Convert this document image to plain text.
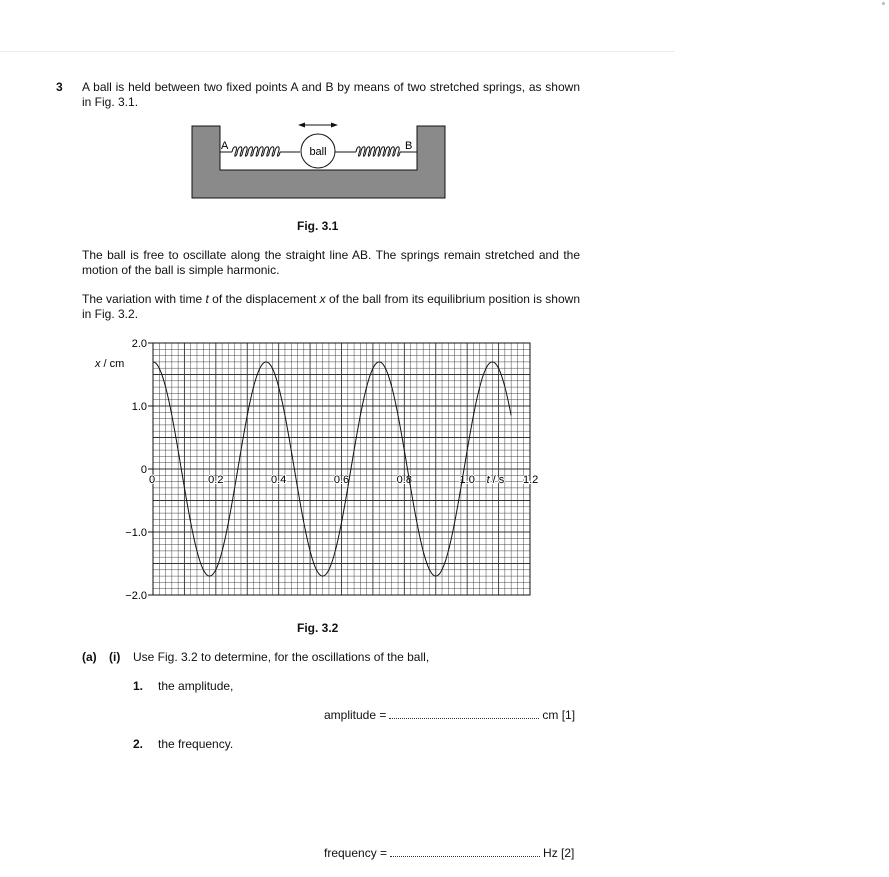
3 A ball is held between two fixed points A and B by means of two stretched springs, as shown in Fig. 3.1.
ball
A	B
Fig. 3.1
The ball is free to oscillate along the straight line AB. The springs remain stretched and the motion of the ball is simple harmonic.
The variation with time t of the displacement x of the ball from its equilibrium position is shown in Fig. 3.2.
2.0
1.0
0
−1.0
−2.0
0	0.2	0.4	0.6	0.8	1.0	1.2
t / s
x / cm
Fig. 3.2
(a) (i) Use Fig. 3.2 to determine, for the oscillations of the ball,
1. the amplitude,
amplitude =	cm [1]
2. the frequency.
frequency =	Hz [2]
